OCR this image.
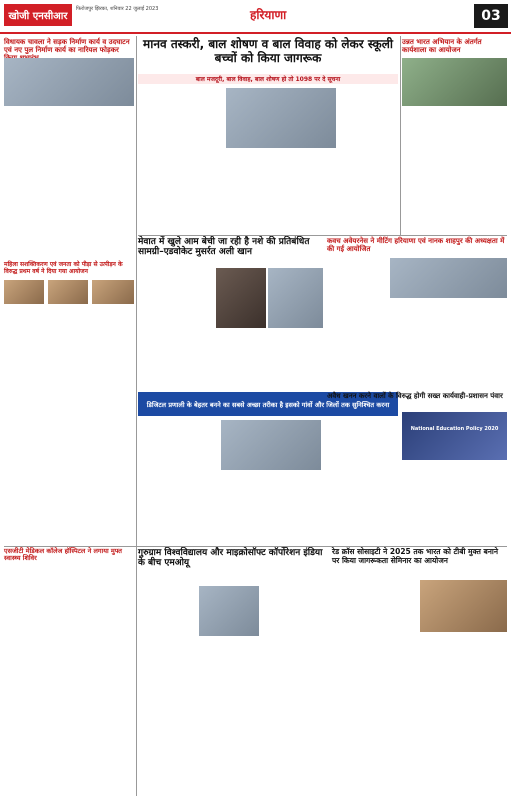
खोजी एनसीआर
फिरोजपुर झिरका, शनिवार 22 जुलाई 2023	हरियाणा	03
विधायक चावला ने सड़क निर्माण कार्य व उदघाटन एवं नए पुल निर्माण कार्य का नारियल फोड़कर
महिला सशक्तिकरण एवं जनता को पीड़ा से उत्पीड़न के विरुद्ध प्रथम वर्ष ने दिया गया आयोजन
मानव तस्करी, बाल शोषण व बाल विवाह को लेकर स्कूली बच्चों को किया जागरूक
बाल मजदूरी, बाल विवाह, बाल शोषण हो तो 1098 पर दे सूचना
उन्नत भारत अभियान के अंतर्गत कार्यशाला का आयोजन
मेवात में खुले आम बेची जा रही है नशे की प्रतिबंधित सामग्री–एडवोकेट मुसर्रत अली खान
कवच अवेयरनेस ने मीटिंग हरियाणा एवं नानक शाहपुर की अध्यक्षता में की गई आयोजित
डिजिटल प्रणाली के बेहतर बनने का सबसे अच्छा तरीका है इसको गांवों और जिलों तक सुनिश्चित करना
अवैध खनन करने वालों के विरुद्ध होगी सख्त कार्यवाही–प्रशासन पंवार
National Education Policy 2020
एसजीटी मेडिकल कॉलेज हॉस्पिटल ने लगाया मुफ्त स्वास्थ्य शिविर
गुरुग्राम विश्वविद्यालय और माइक्रोसॉफ्ट कॉर्पोरेशन इंडिया के बीच एमओयू
रेड क्रॉस सोसाइटी ने 2025 तक भारत को टीबी मुक्त बनाने पर किया जागरूकता सेमिनार का आयोजन
